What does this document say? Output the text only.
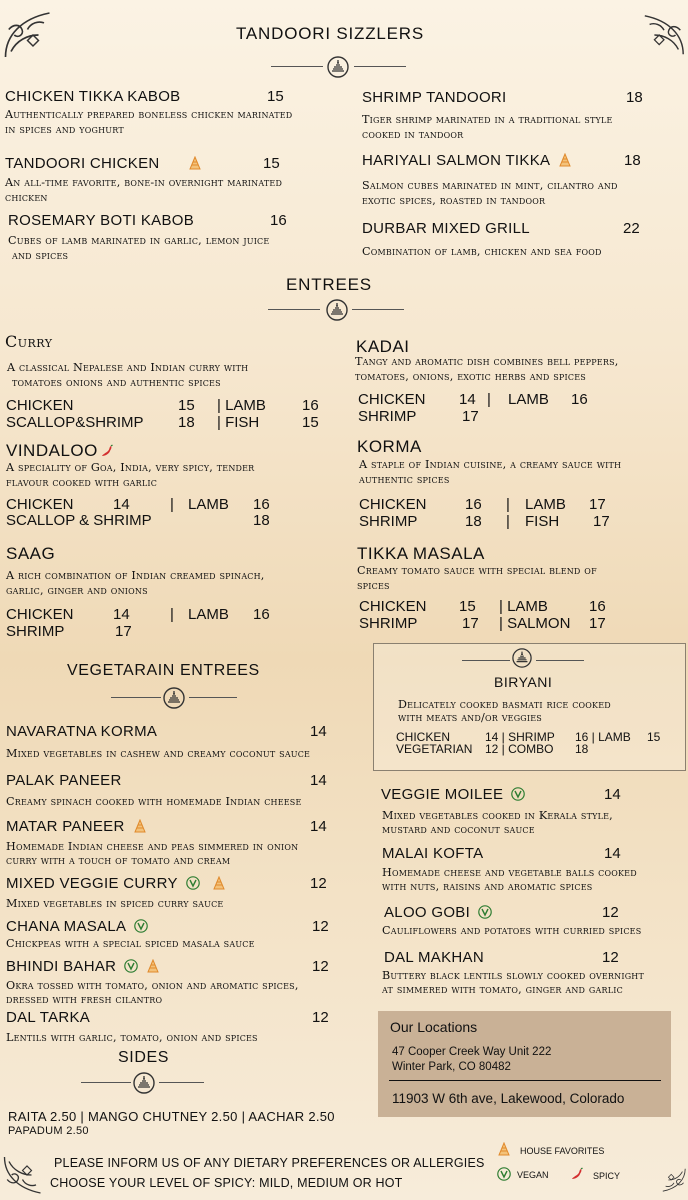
TANDOORI SIZZLERS
CHICKEN TIKKA KABOB	15
Authentically prepared boneless chicken marinated
in spices and yoghurt
TANDOORI CHICKEN	15
An all-time favorite, bone-in overnight marinated
chicken
ROSEMARY BOTI KABOB	16
Cubes of lamb marinated in garlic, lemon juice
and spices
SHRIMP TANDOORI	18
Tiger shrimp marinated in a traditional style
cooked in tandoor
HARIYALI SALMON TIKKA	18
Salmon cubes marinated in mint, cilantro and
exotic spices, roasted in tandoor
DURBAR MIXED GRILL	22
Combination of lamb, chicken and sea food
ENTREES
Curry
A classical Nepalese and Indian curry with
tomatoes onions and authentic spices
CHICKEN	15 | LAMB 16
SCALLOP&SHRIMP 18 | FISH	15
VINDALOO
A speciality of Goa, India, very spicy, tender
flavour cooked with garlic
CHICKEN	14	| LAMB 16
SCALLOP & SHRIMP	18
SAAG
A rich combination of Indian creamed spinach,
garlic, ginger and onions
CHICKEN	14	| LAMB 16
SHRIMP	17
KADAI
Tangy and aromatic dish combines bell peppers,
tomatoes, onions, exotic herbs and spices
CHICKEN 14 | LAMB 16
SHRIMP	17
KORMA
A staple of Indian cuisine, a creamy sauce with
authentic spices
CHICKEN	16 | LAMB 17
SHRIMP	18 | FISH 17
TIKKA MASALA
Creamy tomato sauce with special blend of
spices
CHICKEN 15 | LAMB	16
SHRIMP	17 | SALMON 17
VEGETARAIN ENTREES
NAVARATNA KORMA	14
Mixed vegetables in cashew and creamy coconut sauce
PALAK PANEER	14
Creamy spinach cooked with homemade Indian cheese
MATAR PANEER	14
Homemade Indian cheese and peas simmered in onion
curry with a touch of tomato and cream
MIXED VEGGIE CURRY	12
Mixed vegetables in spiced curry sauce
CHANA MASALA	12
Chickpeas with a special spiced masala sauce
BHINDI BAHAR	12
Okra tossed with tomato, onion and aromatic spices,
dressed with fresh cilantro
DAL TARKA	12
Lentils with garlic, tomato, onion and spices
BIRYANI
Delicately cooked basmati rice cooked
with meats and/or veggies
CHICKEN	14 | SHRIMP 16 | LAMB 15
VEGETARIAN 12 | COMBO 18
VEGGIE MOILEE	14
Mixed vegetables cooked in Kerala style,
mustard and coconut sauce
MALAI KOFTA	14
Homemade cheese and vegetable balls cooked
with nuts, raisins and aromatic spices
ALOO GOBI	12
Cauliflowers and potatoes with curried spices
DAL MAKHAN	12
Buttery black lentils slowly cooked overnight
at simmered with tomato, ginger and garlic
SIDES
RAITA 2.50 | MANGO CHUTNEY 2.50 | AACHAR 2.50
PAPADUM 2.50
Our Locations
47 Cooper Creek Way Unit 222
Winter Park, CO 80482
11903 W 6th ave, Lakewood, Colorado
HOUSE FAVORITES
VEGAN	SPICY
PLEASE INFORM US OF ANY DIETARY PREFERENCES OR ALLERGIES
CHOOSE YOUR LEVEL OF SPICY: MILD, MEDIUM OR HOT
